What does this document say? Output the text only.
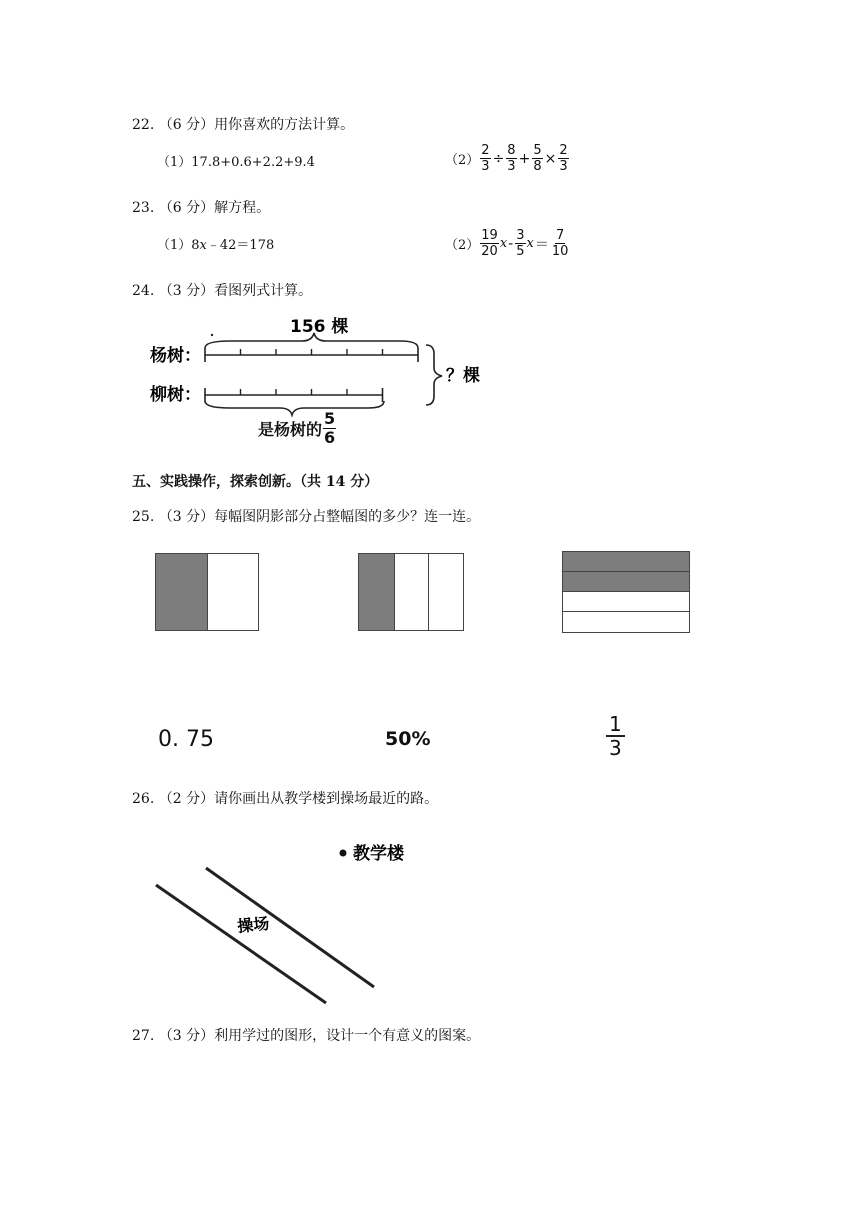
22. （6 分）用你喜欢的方法计算。
（1）17.8+0.6+2.2+9.4	$(2) \frac{2}{3} \div \frac{8}{3} + \frac{5}{8} \times \frac{2}{3}$
23. （6 分）解方程。
（1）8x﹣42＝178	$(2) \frac{19}{20}$ x - $\frac{3}{5}$ $x = \frac{7}{10}$
24. （3 分）看图列式计算。
156 棵
杨树：
柳树：
？棵
是杨树的 $\frac{5}{6}$
五、实践操作，探索创新。（共 14 分）
25. （3 分）每幅图阴影部分占整幅图的多少？连一连。
0. 75	50%	$\frac{1}{3}$
26. （2 分）请你画出从教学楼到操场最近的路。
教学楼
操场
27. （3 分）利用学过的图形，设计一个有意义的图案。
